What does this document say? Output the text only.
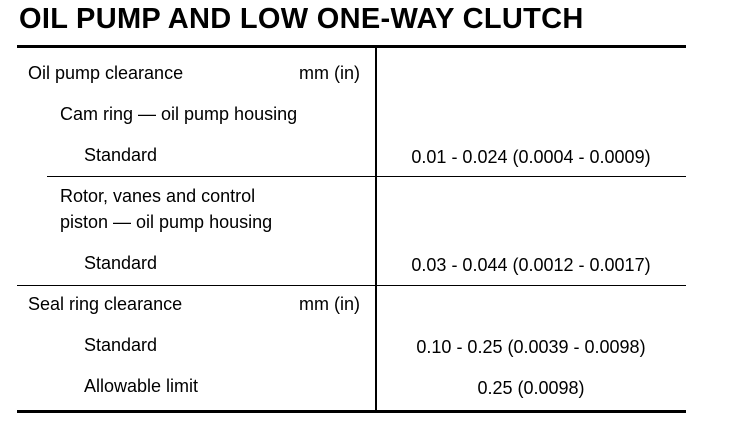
OIL PUMP AND LOW ONE-WAY CLUTCH
Oil pump clearance	mm (in)
Cam ring — oil pump housing
Standard	0.01 - 0.024 (0.0004 - 0.0009)
Rotor, vanes and control
piston — oil pump housing
Standard	0.03 - 0.044 (0.0012 - 0.0017)
Seal ring clearance	mm (in)
Standard	0.10 - 0.25 (0.0039 - 0.0098)
Allowable limit	0.25 (0.0098)
